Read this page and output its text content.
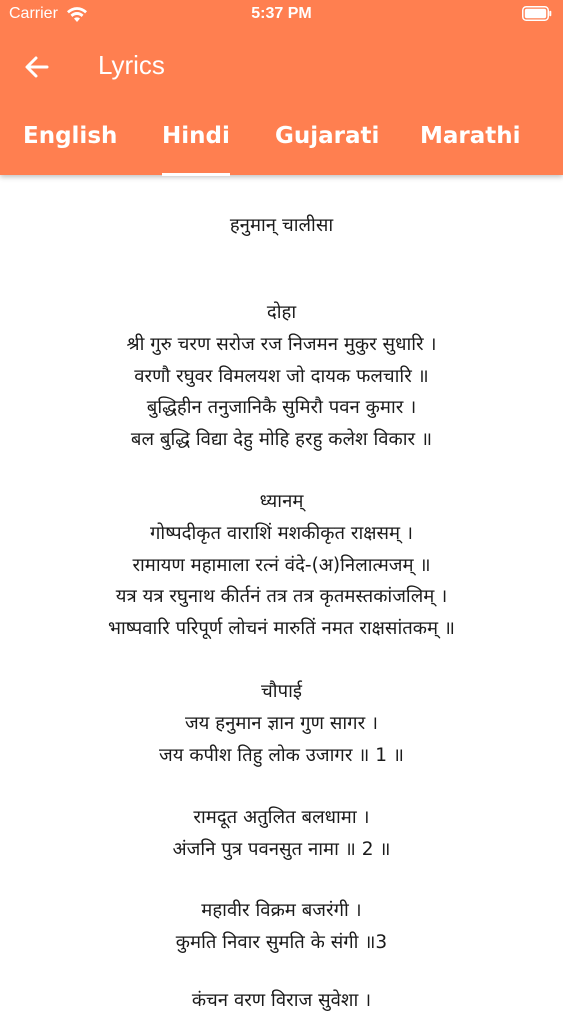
Carrier	5:37 PM
Lyrics
English Hindi Gujarati Marathi
हनुमान् चालीसा
दोहा
श्री गुरु चरण सरोज रज निजमन मुकुर सुधारि ।
वरणौ रघुवर विमलयश जो दायक फलचारि ॥
बुद्धिहीन तनुजानिकै सुमिरौ पवन कुमार ।
बल बुद्धि विद्या देहु मोहि हरहु कलेश विकार ॥
ध्यानम्
गोष्पदीकृत वाराशिं मशकीकृत राक्षसम् ।
रामायण महामाला रत्नं वंदे-(अ)निलात्मजम् ॥
यत्र यत्र रघुनाथ कीर्तनं तत्र तत्र कृतमस्तकांजलिम् ।
भाष्पवारि परिपूर्ण लोचनं मारुतिं नमत राक्षसांतकम् ॥
चौपाई
जय हनुमान ज्ञान गुण सागर ।
जय कपीश तिहु लोक उजागर ॥ 1 ॥
रामदूत अतुलित बलधामा ।
अंजनि पुत्र पवनसुत नामा ॥ 2 ॥
महावीर विक्रम बजरंगी ।
कुमति निवार सुमति के संगी ॥3
कंचन वरण विराज सुवेशा ।
